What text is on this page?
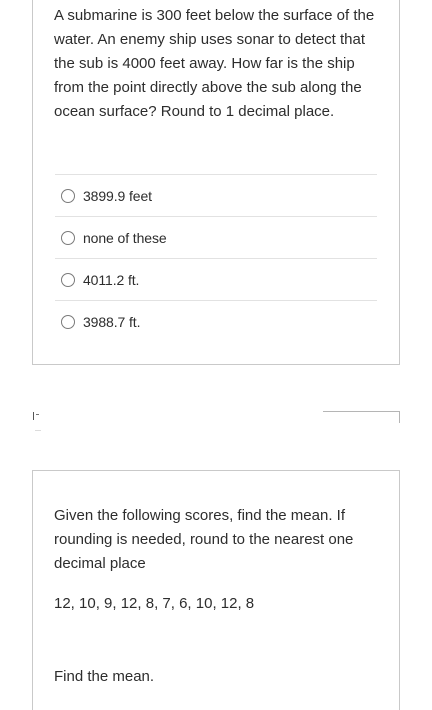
A submarine is 300 feet below the surface of the water. An enemy ship uses sonar to detect that the sub is 4000 feet away. How far is the ship from the point directly above the sub along the ocean surface? Round to 1 decimal place.

3899.9 feet
none of these
4011.2 ft.
3988.7 ft.

Given the following scores, find the mean. If rounding is needed, round to the nearest one decimal place

12, 10, 9, 12, 8, 7, 6, 10, 12, 8

Find the mean.
